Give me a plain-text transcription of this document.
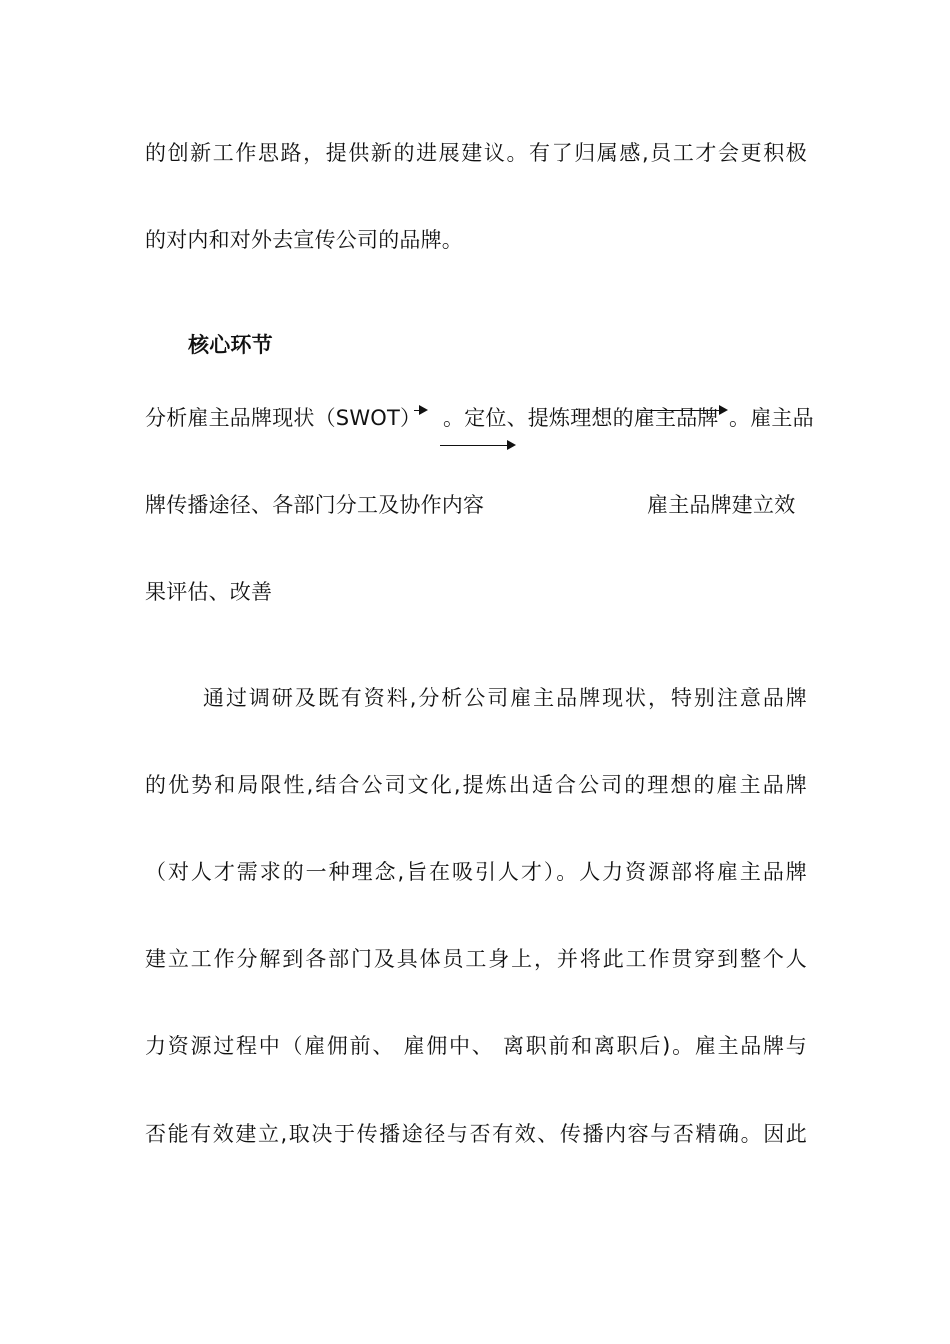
的创新工作思路，提供新的进展建议。有了归属感,员工才会更积极
的对内和对外去宣传公司的品牌。
核心环节
分析雇主品牌现状（SWOT） 。定位、提炼理想的雇主品牌 。雇主品
牌传播途径、各部门分工及协作内容	雇主品牌建立效
果评估、改善
通过调研及既有资料,分析公司雇主品牌现状，特别注意品牌
的优势和局限性,结合公司文化,提炼出适合公司的理想的雇主品牌
（对人才需求的一种理念,旨在吸引人才）。人力资源部将雇主品牌
建立工作分解到各部门及具体员工身上，并将此工作贯穿到整个人
力资源过程中（雇佣前、 雇佣中、 离职前和离职后)。雇主品牌与
否能有效建立,取决于传播途径与否有效、传播内容与否精确。因此
